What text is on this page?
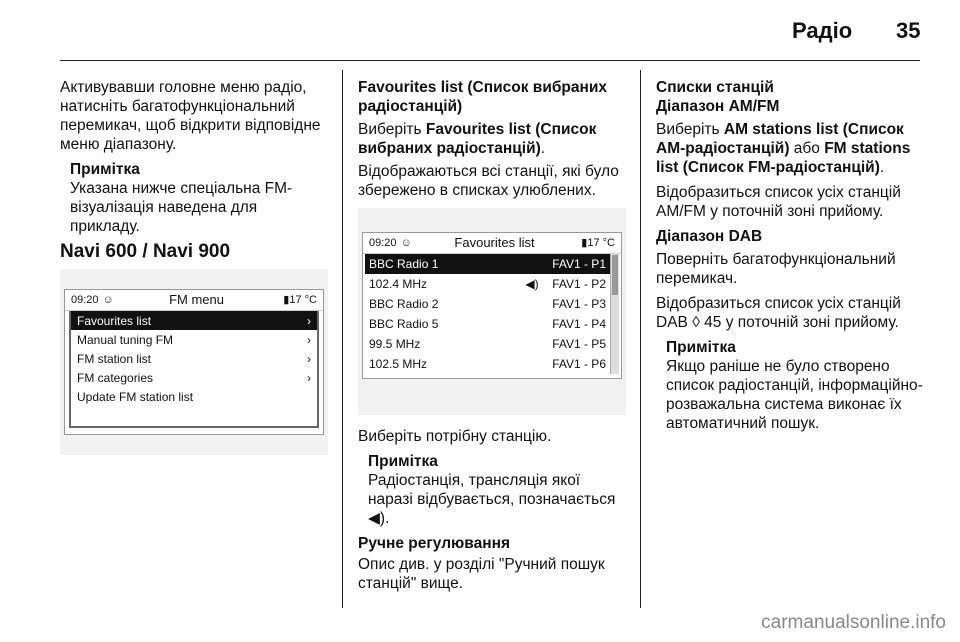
Радіо 35

Активувавши головне меню радіо, натисніть багатофункціональний перемикач, щоб відкрити відповідне меню діапазону.

Примітка

Указана нижче спеціальна FM-візуалізація наведена для прикладу.

Navi 600 / Navi 900
09:20 ☺	FM menu	▮ 17 °C
Favourites list	›
Manual tuning FM	›
FM station list	›
FM categories	›
Update FM station list

Favourites list (Список вибраних радіостанцій)

Виберіть Favourites list (Список вибраних радіостанцій).

Відображаються всі станції, які було збережено в списках улюблених.

09:20 ☺	Favourites list	▮ 17 °C
BBC Radio 1	FAV1 - P1
102.4 MHz	◀)	FAV1 - P2
BBC Radio 2	FAV1 - P3
BBC Radio 5	FAV1 - P4
99.5 MHz	FAV1 - P5
102.5 MHz	FAV1 - P6

Виберіть потрібну станцію.

Примітка

Радіостанція, трансляція якої наразі відбувається, позначається ◀).

Ручне регулювання

Опис див. у розділі "Ручний пошук станцій" вище.

Списки станцій
Діапазон AM/FM

Виберіть AM stations list (Список AM-радіостанцій) або FM stations list (Список FM-радіостанцій).

Відобразиться список усіх станцій AM/FM у поточній зоні прийому.

Діапазон DAB

Поверніть багатофункціональний перемикач.

Відобразиться список усіх станцій DAB ◊ 45 у поточній зоні прийому.

Примітка

Якщо раніше не було створено список радіостанцій, інформаційно-розважальна система виконає їх автоматичний пошук.

carmanualsonline.info
